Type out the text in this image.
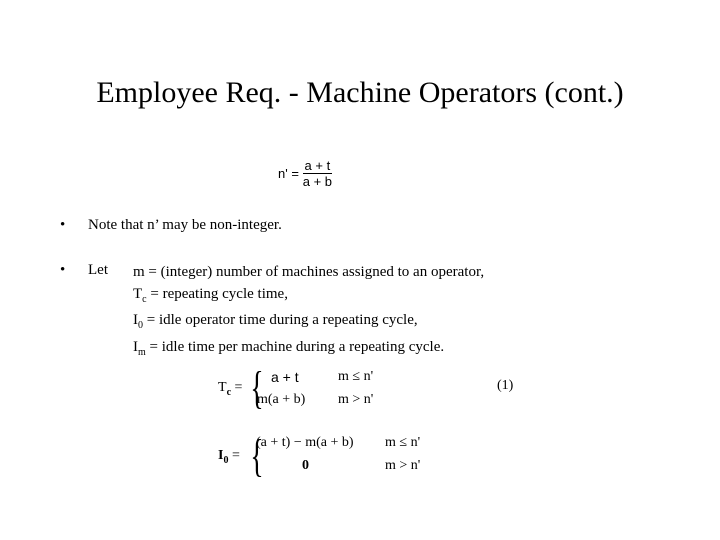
Employee Req. - Machine Operators (cont.)
$n' = \frac{a + t}{a + b}$
• Note that n’ may be non-integer.
• Let m = (integer) number of machines assigned to an operator,
$T_c$ = repeating cycle time,
$I_0$ = idle operator time during a repeating cycle,
$I_m$ = idle time per machine during a repeating cycle.
$T_c$ = { a + t	m ≤ n'
m(a + b) m > n'
(1)
$I_0$ = {
(a + t) − m(a + b) m ≤ n'
0	m > n'
